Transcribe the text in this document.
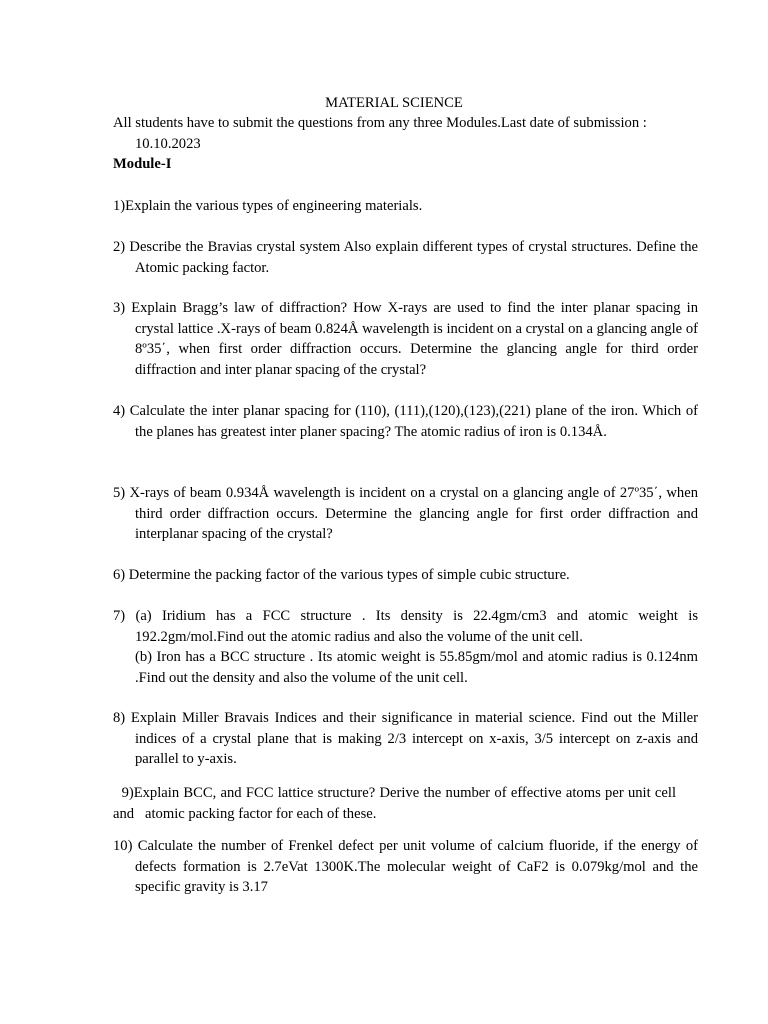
MATERIAL SCIENCE

All students have to submit the questions from any three Modules.Last date of submission :

10.10.2023

Module-I

1)Explain the various types of engineering materials.

2) Describe the Bravias crystal system Also explain different types of crystal structures. Define the Atomic packing factor.

3) Explain Bragg’s law of diffraction? How X-rays are used to find the inter planar spacing in crystal lattice .X-rays of beam 0.824Å wavelength is incident on a crystal on a glancing angle of 8º35΄, when first order diffraction occurs. Determine the glancing angle for third order diffraction and inter planar spacing of the crystal?

4) Calculate the inter planar spacing for (110), (111),(120),(123),(221) plane of the iron. Which of the planes has greatest inter planer spacing? The atomic radius of iron is 0.134Å.

5) X-rays of beam 0.934Å wavelength is incident on a crystal on a glancing angle of 27º35΄, when         third order diffraction occurs. Determine the glancing angle for first order diffraction and interplanar spacing of the crystal?

6) Determine the packing factor of the various types of simple cubic structure.

7) (a) Iridium has a FCC structure . Its density is 22.4gm/cm3 and atomic weight is 192.2gm/mol.Find out the atomic radius and also the volume of the unit cell.

(b) Iron has a BCC structure . Its atomic weight is 55.85gm/mol and atomic radius is 0.124nm .Find out the density and also the volume of the unit cell.

8) Explain Miller Bravais Indices and their significance in material science. Find out the Miller indices of a crystal plane that is making 2/3 intercept on x-axis, 3/5 intercept on z-axis and parallel to y-axis.

9)Explain BCC, and FCC lattice structure? Derive the number of effective atoms per unit cell and   atomic packing factor for each of these.

10) Calculate the number of Frenkel defect per unit volume of calcium fluoride, if the energy of defects formation is 2.7eVat 1300K.The molecular weight of CaF2 is 0.079kg/mol and the specific gravity is 3.17
